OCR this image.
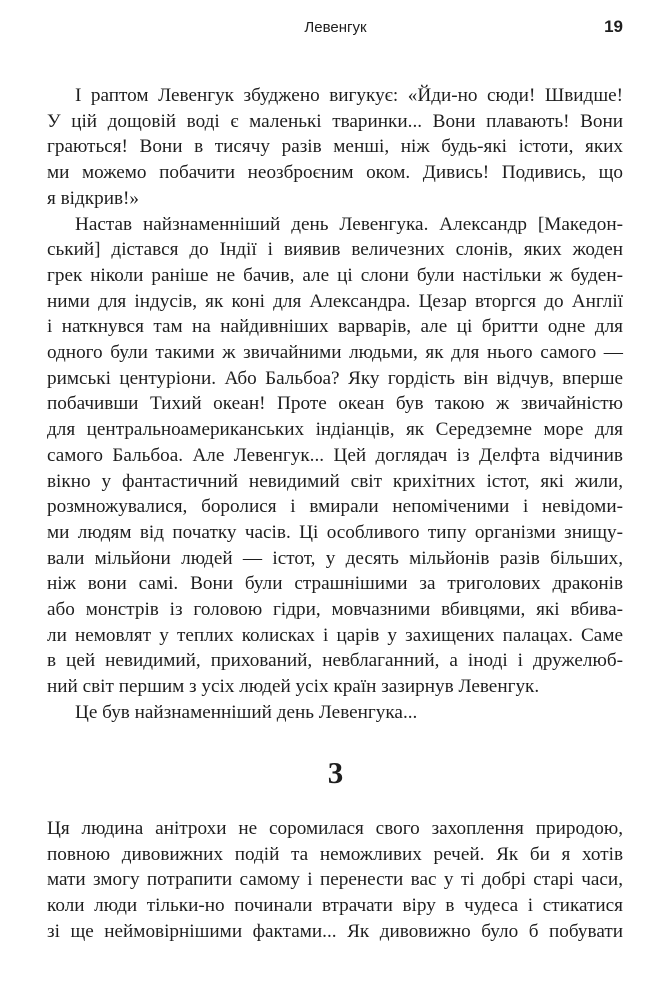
Левенгук	19
І раптом Левенгук збуджено вигукує: «Йди-но сюди! Швидше!
У цій дощовій воді є маленькі тваринки... Вони плавають! Вони
граються! Вони в тисячу разів менші, ніж будь-які істоти, яких
ми можемо побачити неозброєним оком. Дивись! Подивись, що
я відкрив!»
Настав найзнаменніший день Левенгука. Александр [Македон-
ський] дістався до Індії і виявив величезних слонів, яких жоден
грек ніколи раніше не бачив, але ці слони були настільки ж буден-
ними для індусів, як коні для Александра. Цезар вторгся до Англії
і наткнувся там на найдивніших варварів, але ці бритти одне для
одного були такими ж звичайними людьми, як для нього самого —
римські центуріони. Або Бальбоа? Яку гордість він відчув, вперше
побачивши Тихий океан! Проте океан був такою ж звичайністю
для центральноамериканських індіанців, як Середземне море для
самого Бальбоа. Але Левенгук... Цей доглядач із Делфта відчинив
вікно у фантастичний невидимий світ крихітних істот, які жили,
розмножувалися, боролися і вмирали непоміченими і невідоми-
ми людям від початку часів. Ці особливого типу організми знищу-
вали мільйони людей — істот, у десять мільйонів разів більших,
ніж вони самі. Вони були страшнішими за триголових драконів
або монстрів із головою гідри, мовчазними вбивцями, які вбива-
ли немовлят у теплих колисках і царів у захищених палацах. Саме
в цей невидимий, прихований, невблаганний, а іноді і дружелюб-
ний світ першим з усіх людей усіх країн зазирнув Левенгук.
Це був найзнаменніший день Левенгука...
3
Ця людина анітрохи не соромилася свого захоплення природою,
повною дивовижних подій та неможливих речей. Як би я хотів
мати змогу потрапити самому і перенести вас у ті добрі старі часи,
коли люди тільки-но починали втрачати віру в чудеса і стикатися
зі ще неймовірнішими фактами... Як дивовижно було б побувати
